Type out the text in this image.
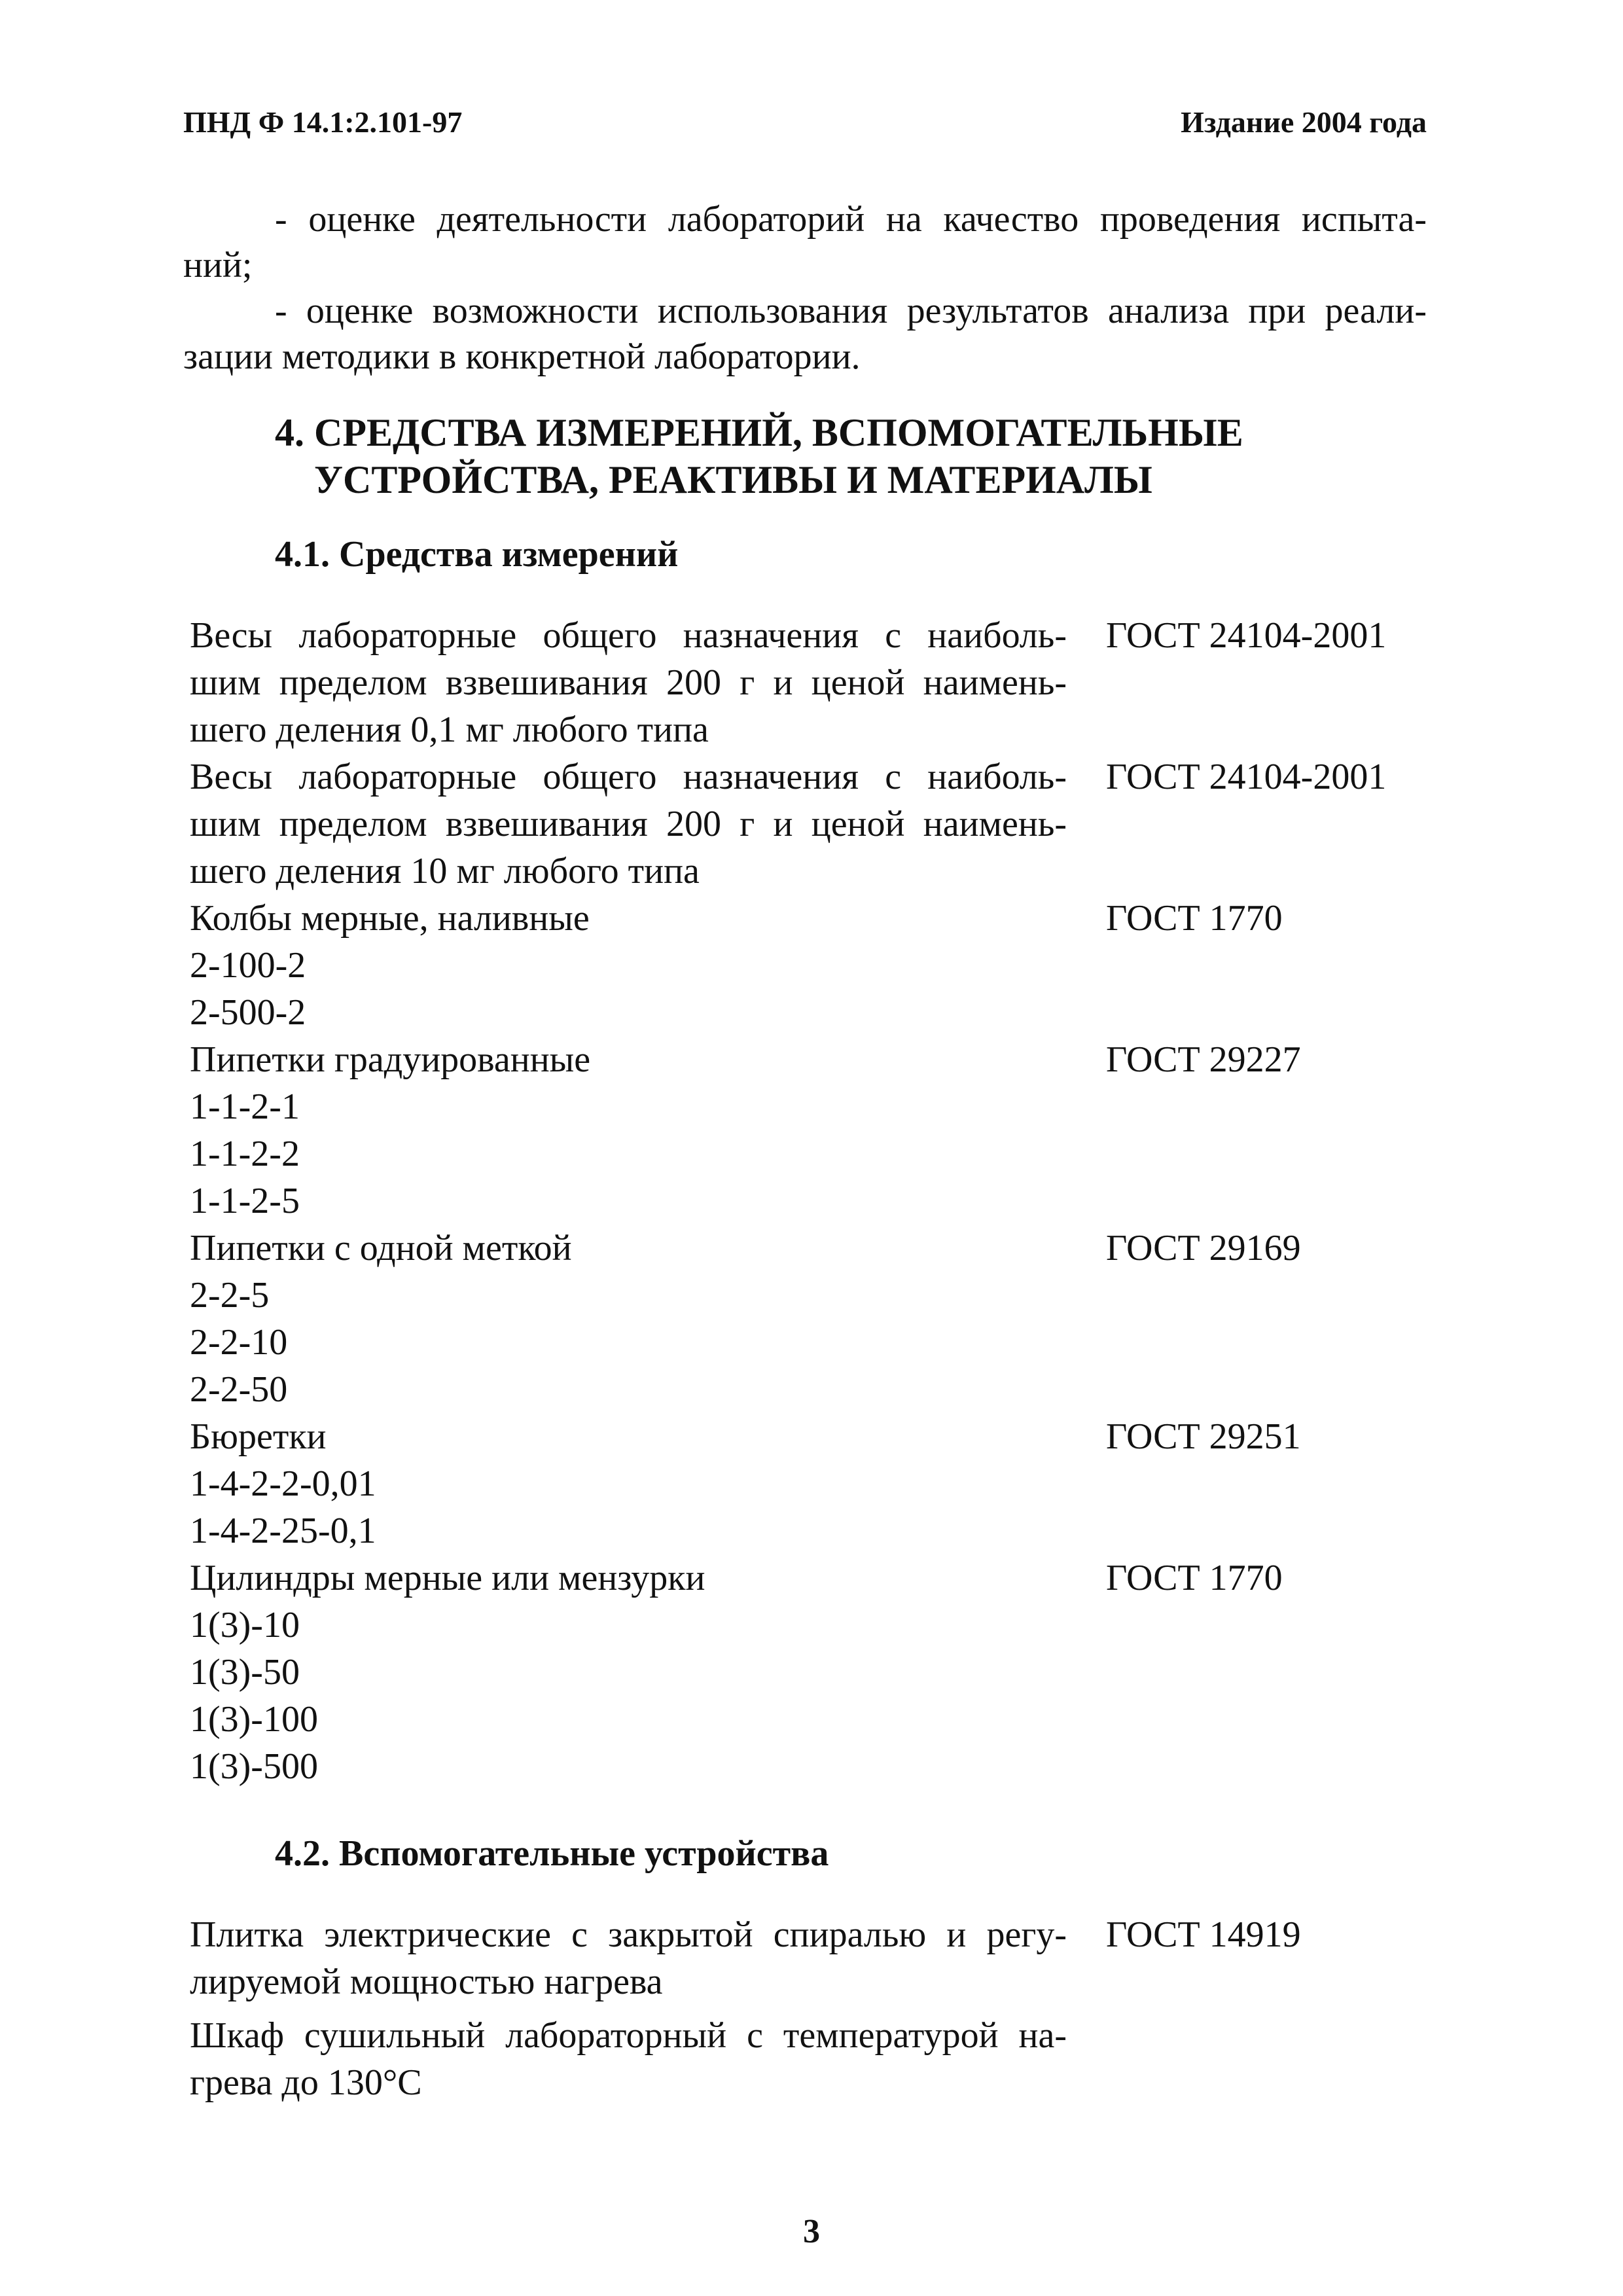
ПНД Ф 14.1:2.101-97	Издание 2004 года
- оценке деятельности лабораторий на качество проведения испыта-
ний;
- оценке возможности использования результатов анализа при реали-
зации методики в конкретной лаборатории.
4. СРЕДСТВА ИЗМЕРЕНИЙ, ВСПОМОГАТЕЛЬНЫЕ
УСТРОЙСТВА, РЕАКТИВЫ И МАТЕРИАЛЫ
4.1. Средства измерений
Весы лабораторные общего назначения с наиболь-
шим пределом взвешивания 200 г и ценой наимень-
шего деления 0,1 мг любого типа
ГОСТ 24104-2001
Весы лабораторные общего назначения с наиболь-
шим пределом взвешивания 200 г и ценой наимень-
шего деления 10 мг любого типа
ГОСТ 24104-2001
Колбы мерные, наливные	ГОСТ 1770
2-100-2
2-500-2
Пипетки градуированные	ГОСТ 29227
1-1-2-1
1-1-2-2
1-1-2-5
Пипетки с одной меткой	ГОСТ 29169
2-2-5
2-2-10
2-2-50
Бюретки	ГОСТ 29251
1-4-2-2-0,01
1-4-2-25-0,1
Цилиндры мерные или мензурки	ГОСТ 1770
1(3)-10
1(3)-50
1(3)-100
1(3)-500
4.2. Вспомогательные устройства
Плитка электрические с закрытой спиралью и регу-
лируемой мощностью нагрева
ГОСТ 14919
Шкаф сушильный лабораторный с температурой на-
грева до 130°С
3
